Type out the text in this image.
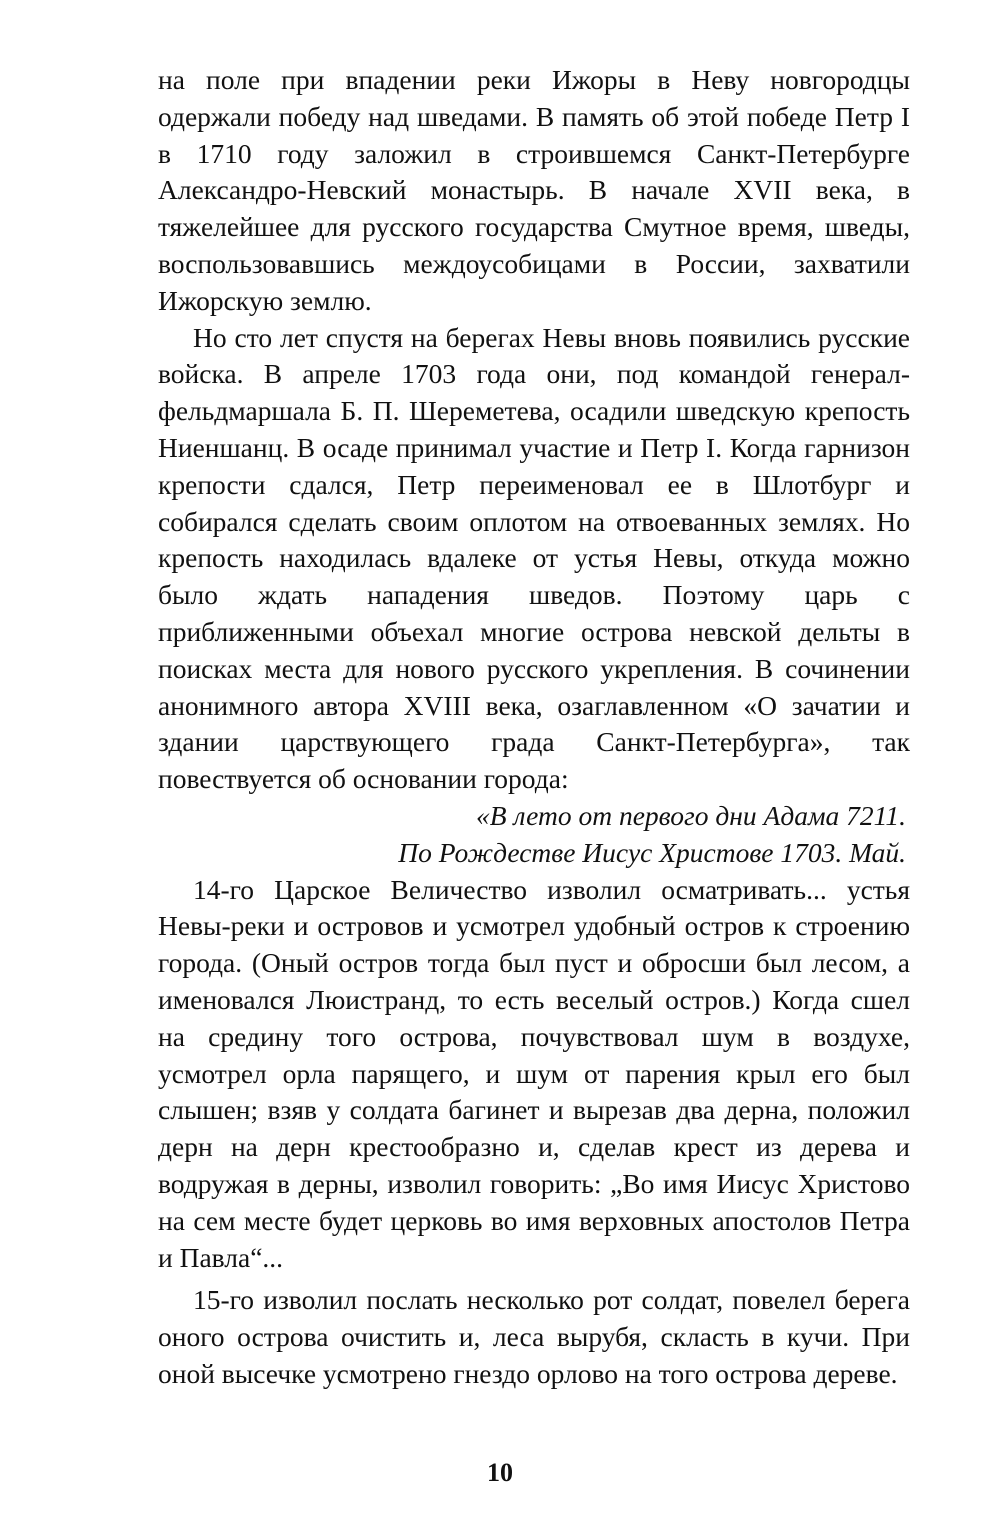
на поле при впадении реки Ижоры в Неву новгородцы одержали победу над шведами. В память об этой победе Петр I в 1710 году заложил в строившемся Санкт-Петербурге Александро-Невский монастырь. В начале XVII века, в тяжелейшее для русского государства Смутное время, шведы, воспользовавшись междоусобицами в России, захватили Ижорскую землю.

Но сто лет спустя на берегах Невы вновь появились русские войска. В апреле 1703 года они, под командой генерал-фельдмаршала Б. П. Шереметева, осадили шведскую крепость Ниеншанц. В осаде принимал участие и Петр I. Когда гарнизон крепости сдался, Петр переименовал ее в Шлотбург и собирался сделать своим оплотом на отвоеванных землях. Но крепость находилась вдалеке от устья Невы, откуда можно было ждать нападения шведов. Поэтому царь с приближенными объехал многие острова невской дельты в поисках места для нового русского укрепления. В сочинении анонимного автора XVIII века, озаглавленном «О зачатии и здании царствующего града Санкт-Петербурга», так повествуется об основании города:

«В лето от первого дни Адама 7211.
По Рождестве Иисус Христове 1703. Май.

14-го Царское Величество изволил осматривать... устья Невы-реки и островов и усмотрел удобный остров к строению города. (Оный остров тогда был пуст и обросши был лесом, а именовался Люистранд, то есть веселый остров.) Когда сшел на средину того острова, почувствовал шум в воздухе, усмотрел орла парящего, и шум от парения крыл его был слышен; взяв у солдата багинет и вырезав два дерна, положил дерн на дерн крестообразно и, сделав крест из дерева и водружая в дерны, изволил говорить: „Во имя Иисус Христово на сем месте будет церковь во имя верховных апостолов Петра и Павла“...

15-го изволил послать несколько рот солдат, повелел берега оного острова очистить и, леса вырубя, скласть в кучи. При оной высечке усмотрено гнездо орлово на того острова дереве.

10
